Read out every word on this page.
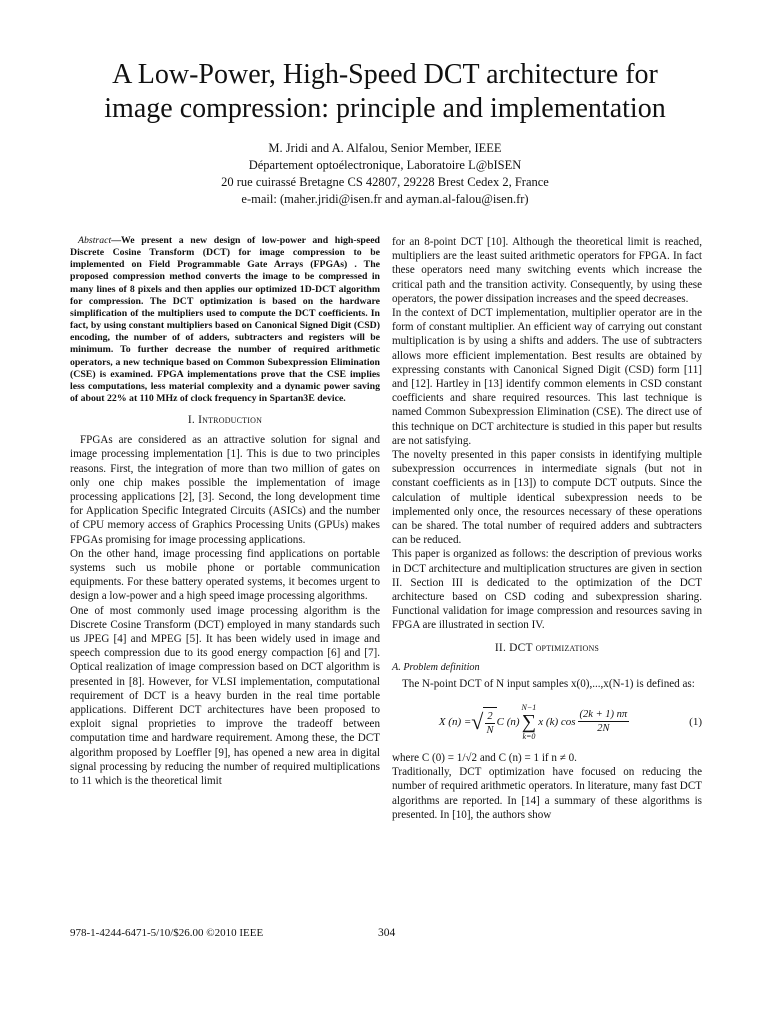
A Low-Power, High-Speed DCT architecture for
image compression: principle and implementation
M. Jridi and A. Alfalou, Senior Member, IEEE
Département optoélectronique, Laboratoire L@bISEN
20 rue cuirassé Bretagne CS 42807, 29228 Brest Cedex 2, France
e-mail: (maher.jridi@isen.fr and ayman.al-falou@isen.fr)

Abstract—We present a new design of low-power and high-speed Discrete Cosine Transform (DCT) for image compression to be implemented on Field Programmable Gate Arrays (FPGAs) . The proposed compression method converts the image to be compressed in many lines of 8 pixels and then applies our optimized 1D-DCT algorithm for compression. The DCT optimization is based on the hardware simplification of the multipliers used to compute the DCT coefficients. In fact, by using constant multipliers based on Canonical Signed Digit (CSD) encoding, the number of of adders, subtracters and registers will be minimum. To further decrease the number of required arithmetic operators, a new technique based on Common Subexpression Elimination (CSE) is examined. FPGA implementations prove that the CSE implies less computations, less material complexity and a dynamic power saving of about 22% at 110 MHz of clock frequency in Spartan3E device.

I. Introduction

FPGAs are considered as an attractive solution for signal and image processing implementation [1]. This is due to two principles reasons. First, the integration of more than two million of gates on only one chip makes possible the implementation of image processing applications [2], [3]. Second, the long development time for Application Specific Integrated Circuits (ASICs) and the number of CPU memory access of Graphics Processing Units (GPUs) makes FPGAs promising for image processing applications.

On the other hand, image processing find applications on portable systems such us mobile phone or portable communication equipments. For these battery operated systems, it becomes urgent to design a low-power and a high speed image processing algorithms.

One of most commonly used image processing algorithm is the Discrete Cosine Transform (DCT) employed in many standards such us JPEG [4] and MPEG [5]. It has been widely used in image and speech compression due to its good energy compaction [6] and [7]. Optical realization of image compression based on DCT algorithm is presented in [8]. However, for VLSI implementation, computational requirement of DCT is a heavy burden in the real time portable applications. Different DCT architectures have been proposed to exploit signal proprieties to improve the tradeoff between computation time and hardware requirement. Among these, the DCT algorithm proposed by Loeffler [9], has opened a new area in digital signal processing by reducing the number of required multiplications to 11 which is the theoretical limit

for an 8-point DCT [10]. Although the theoretical limit is reached, multipliers are the least suited arithmetic operators for FPGA. In fact these operators need many switching events which increase the critical path and the transition activity. Consequently, by using these operators, the power dissipation increases and the speed decreases.

In the context of DCT implementation, multiplier operator are in the form of constant multiplier. An efficient way of carrying out constant multiplication is by using a shifts and adders. The use of subtracters allows more efficient implementation. Best results are obtained by expressing constants with Canonical Signed Digit (CSD) form [11] and [12]. Hartley in [13] identify common elements in CSD constant coefficients and share required resources. This last technique is named Common Subexpression Elimination (CSE). The direct use of this technique on DCT architecture is studied in this paper but results are not satisfying.

The novelty presented in this paper consists in identifying multiple subexpression occurrences in intermediate signals (but not in constant coefficients as in [13]) to compute DCT outputs. Since the calculation of multiple identical subexpression needs to be implemented only once, the resources necessary of these operations can be shared. The total number of required adders and subtracters can be reduced.

This paper is organized as follows: the description of previous works in DCT architecture and multiplication structures are given in section II. Section III is dedicated to the optimization of the DCT architecture based on CSD coding and subexpression sharing. Functional validation for image compression and resources saving in FPGA are illustrated in section IV.

II. DCT optimizations
A. Problem definition

The N-point DCT of N input samples x(0),...,x(N-1) is defined as:

X (n) = √ $\frac{2}{N}$ C (n)
N−1
∑
k=0
x (k) $\cos \frac{(2k + 1) n\pi}{2N}$	(1)

where C (0) = 1/√2 and C (n) = 1 if n ≠ 0.

Traditionally, DCT optimization have focused on reducing the number of required arithmetic operators. In literature, many fast DCT algorithms are reported. In [14] a summary of these algorithms is presented. In [10], the authors show

978-1-4244-6471-5/10/$26.00 ©2010 IEEE	304
